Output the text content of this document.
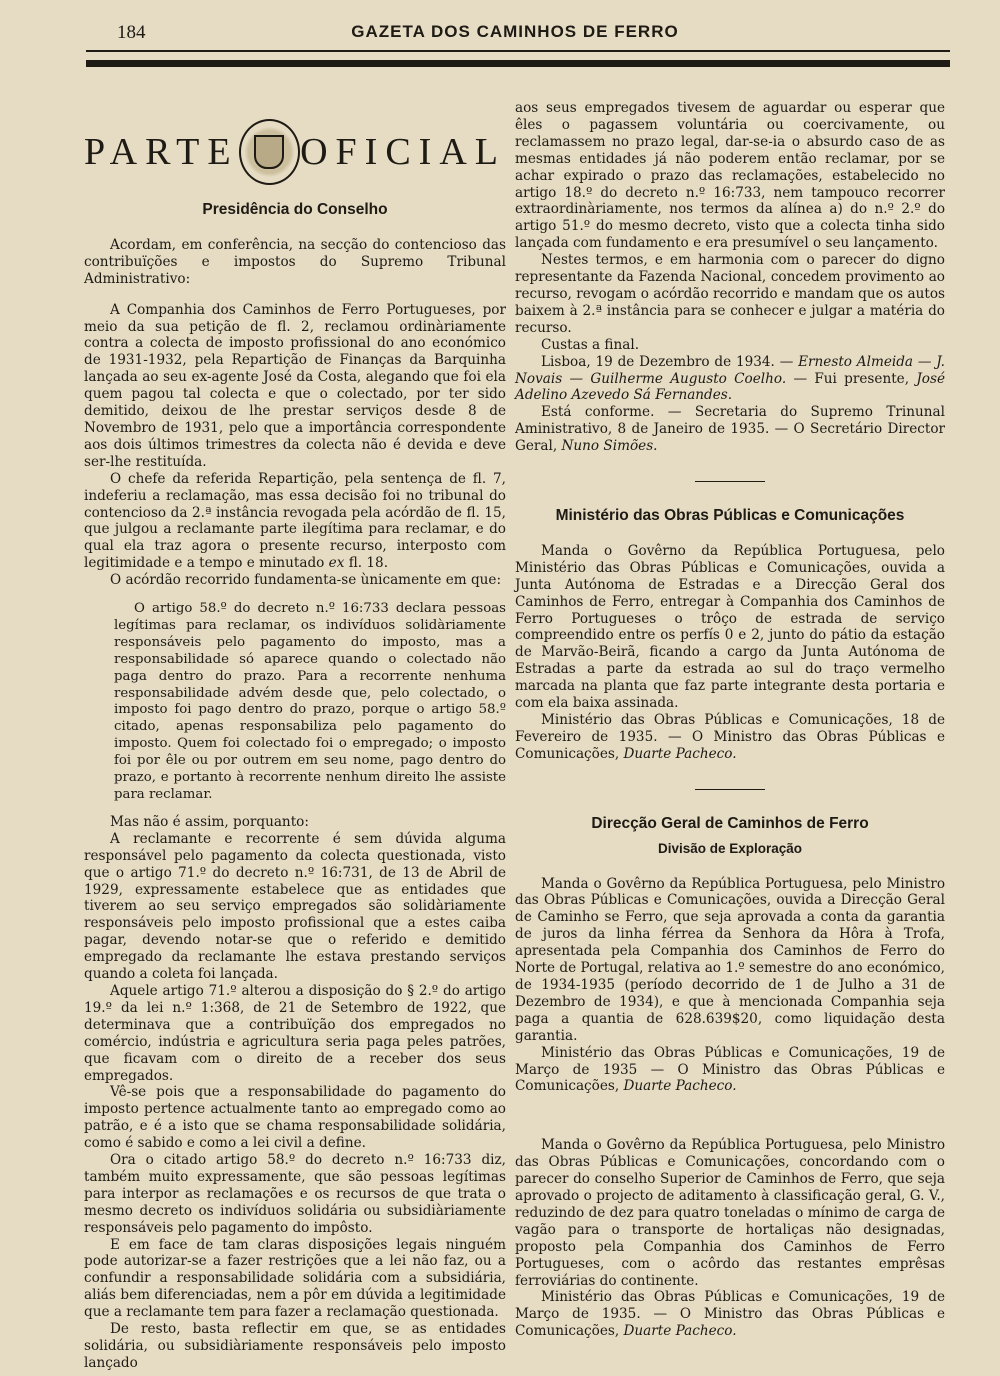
184	GAZETA DOS CAMINHOS DE FERRO
PARTE OFICIAL
Presidência do Conselho

Acordam, em conferência, na secção do contencioso das contribuïções e impostos do Supremo Tribunal Administrativo:

A Companhia dos Caminhos de Ferro Portugueses, por meio da sua petição de fl. 2, reclamou ordinàriamente contra a colecta de imposto profissional do ano económico de 1931-1932, pela Repartição de Finanças da Barquinha lançada ao seu ex-agente José da Costa, alegando que foi ela quem pagou tal colecta e que o colectado, por ter sido demitido, deixou de lhe prestar serviços desde 8 de Novembro de 1931, pelo que a importância correspondente aos dois últimos trimestres da colecta não é devida e deve ser-lhe restituída.

O chefe da referida Repartição, pela sentença de fl. 7, indeferiu a reclamação, mas essa decisão foi no tribunal do contencioso da 2.ª instância revogada pela acórdão de fl. 15, que julgou a reclamante parte ilegítima para reclamar, e do qual ela traz agora o presente recurso, interposto com legitimidade e a tempo e minutado ex fl. 18.

O acórdão recorrido fundamenta-se ùnicamente em que:

O artigo 58.º do decreto n.º 16:733 declara pessoas legítimas para reclamar, os indivíduos solidàriamente responsáveis pelo pagamento do imposto, mas a responsabilidade só aparece quando o colectado não paga dentro do prazo. Para a recorrente nenhuma responsabilidade advém desde que, pelo colectado, o imposto foi pago dentro do prazo, porque o artigo 58.º citado, apenas responsabiliza pelo pagamento do imposto. Quem foi colectado foi o empregado; o imposto foi por êle ou por outrem em seu nome, pago dentro do prazo, e portanto à recorrente nenhum direito lhe assiste para reclamar.

Mas não é assim, porquanto:

A reclamante e recorrente é sem dúvida alguma responsável pelo pagamento da colecta questionada, visto que o artigo 71.º do decreto n.º 16:731, de 13 de Abril de 1929, expressamente estabelece que as entidades que tiverem ao seu serviço empregados são solidàriamente responsáveis pelo imposto profissional que a estes caiba pagar, devendo notar-se que o referido e demitido empregado da reclamante lhe estava prestando serviços quando a coleta foi lançada.

Aquele artigo 71.º alterou a disposição do § 2.º do artigo 19.º da lei n.º 1:368, de 21 de Setembro de 1922, que determinava que a contribuïção dos empregados no comércio, indústria e agricultura seria paga peles patrões, que ficavam com o direito de a receber dos seus empregados.

Vê-se pois que a responsabilidade do pagamento do imposto pertence actualmente tanto ao empregado como ao patrão, e é a isto que se chama responsabilidade solidária, como é sabido e como a lei civil a define.

Ora o citado artigo 58.º do decreto n.º 16:733 diz, também muito expressamente, que são pessoas legítimas para interpor as reclamações e os recursos de que trata o mesmo decreto os indivíduos solidária ou subsidiàriamente responsáveis pelo pagamento do impôsto.

E em face de tam claras disposições legais ninguém pode autorizar-se a fazer restrições que a lei não faz, ou a confundir a responsabilidade solidária com a subsidiária, aliás bem diferenciadas, nem a pôr em dúvida a legitimidade que a reclamante tem para fazer a reclamação questionada.

De resto, basta reflectir em que, se as entidades solidária, ou subsidiàriamente responsáveis pelo imposto lançado

aos seus empregados tivesem de aguardar ou esperar que êles o pagassem voluntária ou coercivamente, ou reclamassem no prazo legal, dar-se-ia o absurdo caso de as mesmas entidades já não poderem então reclamar, por se achar expirado o prazo das reclamações, estabelecido no artigo 18.º do decreto n.º 16:733, nem tampouco recorrer extraordinàriamente, nos termos da alínea a) do n.º 2.º do artigo 51.º do mesmo decreto, visto que a colecta tinha sido lançada com fundamento e era presumível o seu lançamento.

Nestes termos, e em harmonia com o parecer do digno representante da Fazenda Nacional, concedem provimento ao recurso, revogam o acórdão recorrido e mandam que os autos baixem à 2.ª instância para se conhecer e julgar a matéria do recurso.

Custas a final.

Lisboa, 19 de Dezembro de 1934. — Ernesto Almeida — J. Novais — Guilherme Augusto Coelho. — Fui presente, José Adelino Azevedo Sá Fernandes.

Está conforme. — Secretaria do Supremo Trinunal Aministrativo, 8 de Janeiro de 1935. — O Secretário Director Geral, Nuno Simões.

Ministério das Obras Públicas e Comunicações

Manda o Govêrno da República Portuguesa, pelo Ministério das Obras Públicas e Comunicações, ouvida a Junta Autónoma de Estradas e a Direcção Geral dos Caminhos de Ferro, entregar à Companhia dos Caminhos de Ferro Portugueses o trôço de estrada de serviço compreendido entre os perfís 0 e 2, junto do pátio da estação de Marvão-Beirã, ficando a cargo da Junta Autónoma de Estradas a parte da estrada ao sul do traço vermelho marcada na planta que faz parte integrante desta portaria e com ela baixa assinada.

Ministério das Obras Públicas e Comunicações, 18 de Fevereiro de 1935. — O Ministro das Obras Públicas e Comunicações, Duarte Pacheco.

Direcção Geral de Caminhos de Ferro
Divisão de Exploração

Manda o Govêrno da República Portuguesa, pelo Ministro das Obras Públicas e Comunicações, ouvida a Direcção Geral de Caminho se Ferro, que seja aprovada a conta da garantia de juros da linha férrea da Senhora da Hôra à Trofa, apresentada pela Companhia dos Caminhos de Ferro do Norte de Portugal, relativa ao 1.º semestre do ano económico, de 1934-1935 (período decorrido de 1 de Julho a 31 de Dezembro de 1934), e que à mencionada Companhia seja paga a quantia de 628.639$20, como liquidação desta garantia.

Ministério das Obras Públicas e Comunicações, 19 de Março de 1935 — O Ministro das Obras Públicas e Comunicações, Duarte Pacheco.

Manda o Govêrno da República Portuguesa, pelo Ministro das Obras Públicas e Comunicações, concordando com o parecer do conselho Superior de Caminhos de Ferro, que seja aprovado o projecto de aditamento à classificação geral, G. V., reduzindo de dez para quatro toneladas o mínimo de carga de vagão para o transporte de hortaliças não designadas, proposto pela Companhia dos Caminhos de Ferro Portugueses, com o acôrdo das restantes emprêsas ferroviárias do continente.

Ministério das Obras Públicas e Comunicações, 19 de Março de 1935. — O Ministro das Obras Públicas e Comunicações, Duarte Pacheco.
